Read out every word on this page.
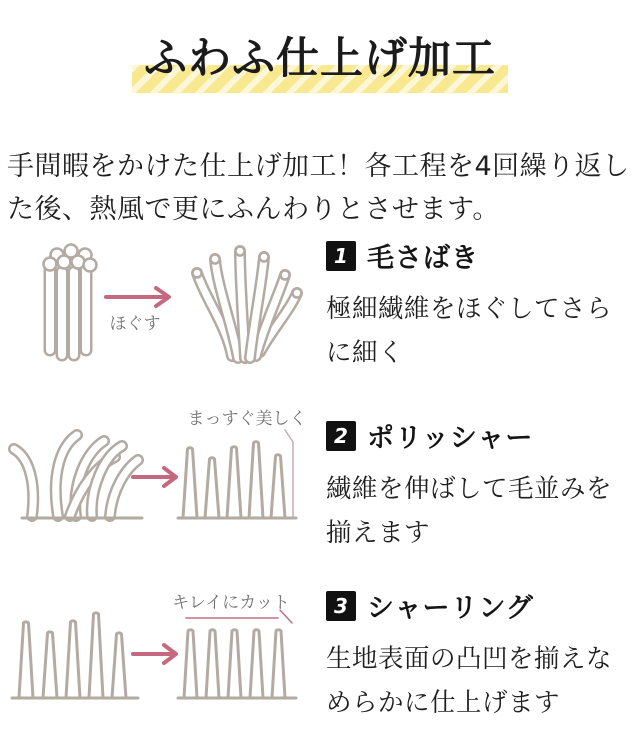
ふわふ仕上げ加工

手間暇をかけた仕上げ加工！各工程を4回繰り返した後、熱風で更にふんわりとさせます。

ほぐす
1 毛さばき

極細繊維をほぐしてさらに細く

まっすぐ美しく
2 ポリッシャー

繊維を伸ばして毛並みを揃えます

キレイにカット	3 シャーリング

生地表面の凸凹を揃えなめらかに仕上げます
